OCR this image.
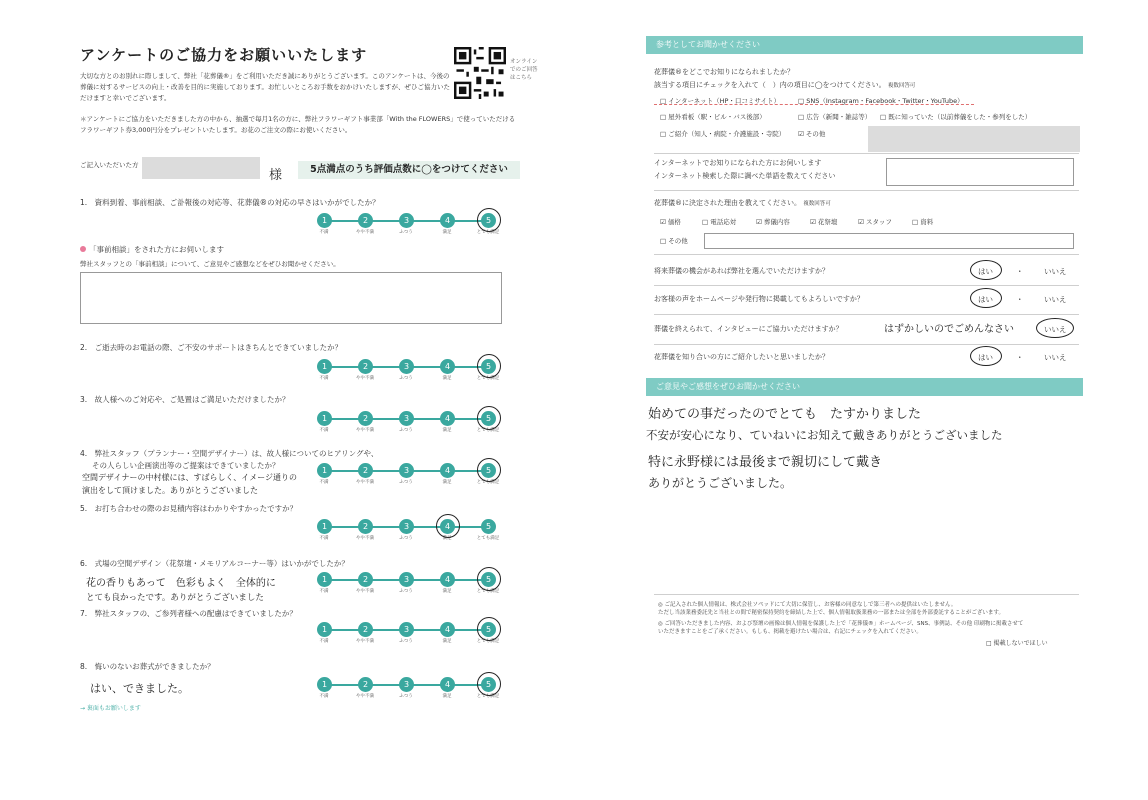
アンケートのご協力をお願いいたします
大切な方とのお別れに際しまして、弊社「花葬儀®」をご利用いただき誠にありがとうございます。このアンケートは、今後の葬儀に対するサービスの向上・改善を目的に実施しております。お忙しいところお手数をおかけいたしますが、ぜひご協力いただけますと幸いでございます。
＊アンケートにご協力をいただきました方の中から、抽選で毎月1名の方に、弊社フラワーギフト事業部「With the FLOWERS」で使っていただけるフラワーギフト券3,000円分をプレゼントいたします。お花のご注文の際にお使いください。
オンラインでのご回答はこちら
ご記入いただいた方
様	5点満点のうち評価点数に◯をつけてください
1.　資料到着、事前相談、ご訃報後の対応等、花葬儀®の対応の早さはいかがでしたか？
1	2	3	4	5
不満	やや不満	ふつう	満足	とても満足
「事前相談」をされた方にお伺いします
弊社スタッフとの「事前相談」について、ご意見やご感想などをぜひお聞かせください。
2.　ご逝去時のお電話の際、ご不安のサポートはきちんとできていましたか？
1	2	3	4	5
不満	やや不満	ふつう	満足	とても満足
3.　故人様へのご対応や、ご処置はご満足いただけましたか？
1	2	3	4	5
不満	やや不満	ふつう	満足	とても満足
4.　弊社スタッフ（プランナー・空間デザイナー）は、故人様についてのヒアリングや、
その人らしい企画演出等のご提案はできていましたか？
1	2	3	4	5
不満	やや不満	ふつう	満足	とても満足
空間デザイナーの中村様には、すばらしく、イメージ通りの
演出をして頂けました。ありがとうございました
5.　お打ち合わせの際のお見積内容はわかりやすかったですか？
1	2	3	4	5
不満	やや不満	ふつう	満足	とても満足
6.　式場の空間デザイン（花祭壇・メモリアルコーナー等）はいかがでしたか？
1	2	3	4	5
不満	やや不満	ふつう	満足	とても満足
花の香りもあって　色彩もよく　全体的に
とても良かったです。ありがとうございました
7.　弊社スタッフの、ご参列者様への配慮はできていましたか？
1	2	3	4	5
不満	やや不満	ふつう	満足	とても満足
8.　悔いのないお葬式ができましたか？
1	2	3	4	5
不満	やや不満	ふつう	満足	とても満足
はい、できました。
→ 裏面もお願いします
参考としてお聞かせください
花葬儀®をどこでお知りになられましたか？
該当する項目にチェックを入れて（　）内の項目に◯をつけてください。 複数回答可
□ インターネット（HP・口コミサイト）	□ SNS（Instagram・Facebook・Twitter・YouTube）
□ 屋外看板（駅・ビル・バス後部）	□ 広告（新聞・雑誌等） □ 既に知っていた（以前葬儀をした・参列をした）
□ ご紹介（知人・病院・介護施設・寺院） ☑ その他
インターネットでお知りになられた方にお伺いします
インターネット検索した際に調べた単語を数えてください
花葬儀®に決定された理由を教えてください。 複数回答可
☑ 価格	□ 電話応対	☑ 葬儀内容	☑ 花祭壇	☑ スタッフ	□ 資料
□ その他
将来葬儀の機会があれば弊社を選んでいただけますか？	はい	・	いいえ
お客様の声をホームページや発行物に掲載してもよろしいですか？	はい	・	いいえ
葬儀を終えられて、インタビューにご協力いただけますか？	はずかしいのでごめんなさい	いいえ
花葬儀を知り合いの方にご紹介したいと思いましたか？	はい	・	いいえ
ご意見やご感想をぜひお聞かせください
始めての事だったのでとても　たすかりました
不安が安心になり、ていねいにお知えて戴きありがとうございました
特に永野様には最後まで親切にして戴き
ありがとうございました。
◎ ご記入された個人情報は、株式会社ソペッドにて大切に保管し、お客様の同意なしで第三者への提供はいたしません。
ただし当該業務委託先と当社との間で秘密保持契約を締結した上で、個人情報取扱業務の一部または全部を外部委託することがございます。
◎ ご回答いただきました内容、および祭壇の画像は個人情報を保護した上で「花葬儀®」ホームページ、SNS、事例誌、その他 印刷物に掲載させて
いただきますことをご了承ください。もしも、掲載を避けたい場合は、右記にチェックを入れてください。
□ 掲載しないでほしい
